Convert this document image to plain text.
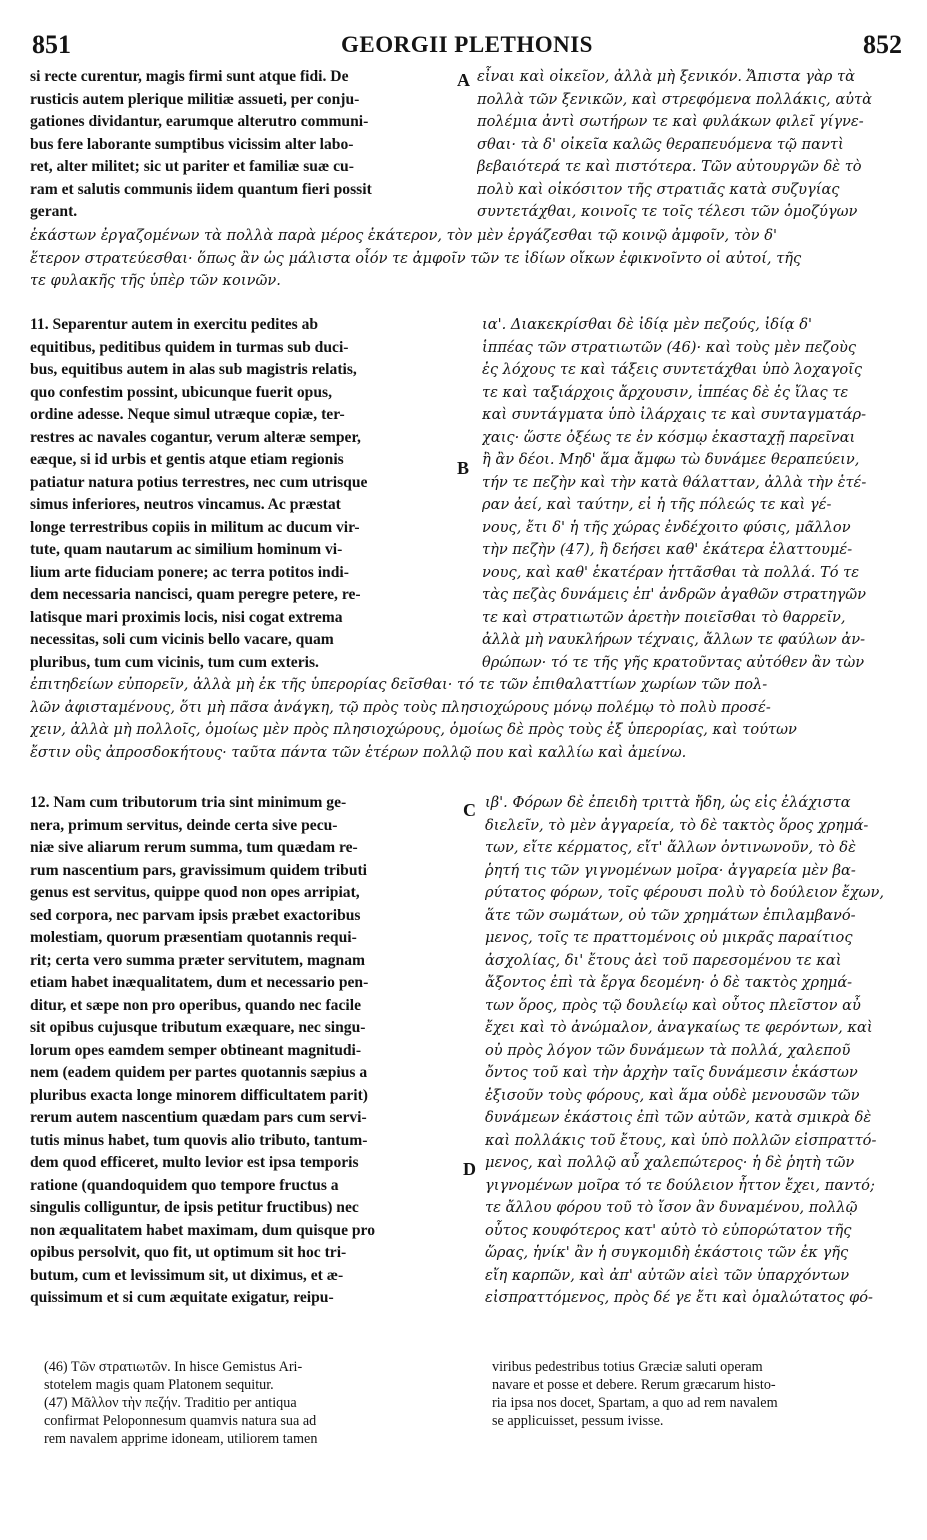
851	GEORGII PLETHONIS	852
A
B
C
D
si recte curentur, magis firmi sunt atque fidi. De
rusticis autem plerique militiæ assueti, per conju-
gationes dividantur, earumque alterutro communi-
bus fere laborante sumptibus vicissim alter labo-
ret, alter militet; sic ut pariter et familiæ suæ cu-
ram et salutis communis iidem quantum fieri possit
gerant.
εἶναι καὶ οἰκεῖον, ἀλλὰ μὴ ξενικόν. Ἄπιστα γὰρ τὰ
πολλὰ τῶν ξενικῶν, καὶ στρεφόμενα πολλάκις, αὐτὰ
πολέμια ἀντὶ σωτήρων τε καὶ φυλάκων φιλεῖ γίγνε-
σθαι· τὰ δ' οἰκεῖα καλῶς θεραπευόμενα τῷ παντὶ
βεβαιότερά τε καὶ πιστότερα. Τῶν αὐτουργῶν δὲ τὸ
πολὺ καὶ οἰκόσιτον τῆς στρατιᾶς κατὰ συζυγίας
συντετάχθαι, κοινοῖς τε τοῖς τέλεσι τῶν ὁμοζύγων
ἑκάστων ἐργαζομένων τὰ πολλὰ παρὰ μέρος ἑκάτερον, τὸν μὲν ἐργάζεσθαι τῷ κοινῷ ἀμφοῖν, τὸν δ'
ἕτερον στρατεύεσθαι· ὅπως ἂν ὡς μάλιστα οἷόν τε ἀμφοῖν τῶν τε ἰδίων οἴκων ἐφικνοῖντο οἱ αὐτοί, τῆς
τε φυλακῆς τῆς ὑπὲρ τῶν κοινῶν.
11. Separentur autem in exercitu pedites ab
equitibus, peditibus quidem in turmas sub duci-
bus, equitibus autem in alas sub magistris relatis,
quo confestim possint, ubicunque fuerit opus,
ordine adesse. Neque simul utræque copiæ, ter-
restres ac navales cogantur, verum alteræ semper,
eæque, si id urbis et gentis atque etiam regionis
patiatur natura potius terrestres, nec cum utrisque
simus inferiores, neutros vincamus. Ac præstat
longe terrestribus copiis in militum ac ducum vir-
tute, quam nautarum ac similium hominum vi-
lium arte fiduciam ponere; ac terra potitos indi-
dem necessaria nancisci, quam peregre petere, re-
latisque mari proximis locis, nisi cogat extrema
necessitas, soli cum vicinis bello vacare, quam
pluribus, tum cum vicinis, tum cum exteris.
ια'. Διακεκρίσθαι δὲ ἰδίᾳ μὲν πεζούς, ἰδίᾳ δ'
ἱππέας τῶν στρατιωτῶν (46)· καὶ τοὺς μὲν πεζοὺς
ἐς λόχους τε καὶ τάξεις συντετάχθαι ὑπὸ λοχαγοῖς
τε καὶ ταξιάρχοις ἄρχουσιν, ἱππέας δὲ ἐς ἴλας τε
καὶ συντάγματα ὑπὸ ἰλάρχαις τε καὶ συνταγματάρ-
χαις· ὥστε ὀξέως τε ἐν κόσμῳ ἑκασταχῇ παρεῖναι
ἢ ἂν δέοι. Μηδ' ἅμα ἄμφω τὼ δυνάμεε θεραπεύειν,
τήν τε πεζὴν καὶ τὴν κατὰ θάλατταν, ἀλλὰ τὴν ἑτέ-
ραν ἀεί, καὶ ταύτην, εἰ ἡ τῆς πόλεώς τε καὶ γέ-
νους, ἔτι δ' ἡ τῆς χώρας ἐνδέχοιτο φύσις, μᾶλλον
τὴν πεζὴν (47), ἢ δεήσει καθ' ἑκάτερα ἐλαττουμέ-
νους, καὶ καθ' ἑκατέραν ἡττᾶσθαι τὰ πολλά. Τό τε
τὰς πεζὰς δυνάμεις ἐπ' ἀνδρῶν ἀγαθῶν στρατηγῶν
τε καὶ στρατιωτῶν ἀρετὴν ποιεῖσθαι τὸ θαρρεῖν,
ἀλλὰ μὴ ναυκλήρων τέχναις, ἄλλων τε φαύλων ἀν-
θρώπων· τό τε τῆς γῆς κρατοῦντας αὐτόθεν ἂν τὼν
ἐπιτηδείων εὐπορεῖν, ἀλλὰ μὴ ἐκ τῆς ὑπερορίας δεῖσθαι· τό τε τῶν ἐπιθαλαττίων χωρίων τῶν πολ-
λῶν ἀφισταμένους, ὅτι μὴ πᾶσα ἀνάγκη, τῷ πρὸς τοὺς πλησιοχώρους μόνῳ πολέμῳ τὸ πολὺ προσέ-
χειν, ἀλλὰ μὴ πολλοῖς, ὁμοίως μὲν πρὸς πλησιοχώρους, ὁμοίως δὲ πρὸς τοὺς ἐξ ὑπερορίας, καὶ τούτων
ἔστιν οὓς ἀπροσδοκήτους· ταῦτα πάντα τῶν ἑτέρων πολλῷ που καὶ καλλίω καὶ ἀμείνω.
12. Nam cum tributorum tria sint minimum ge-
nera, primum servitus, deinde certa sive pecu-
niæ sive aliarum rerum summa, tum quædam re-
rum nascentium pars, gravissimum quidem tributi
genus est servitus, quippe quod non opes arripiat,
sed corpora, nec parvam ipsis præbet exactoribus
molestiam, quorum præsentiam quotannis requi-
rit; certa vero summa præter servitutem, magnam
etiam habet inæqualitatem, dum et necessario pen-
ditur, et sæpe non pro operibus, quando nec facile
sit opibus cujusque tributum exæquare, nec singu-
lorum opes eamdem semper obtineant magnitudi-
nem (eadem quidem per partes quotannis sæpius a
pluribus exacta longe minorem difficultatem parit)
rerum autem nascentium quædam pars cum servi-
tutis minus habet, tum quovis alio tributo, tantum-
dem quod efficeret, multo levior est ipsa temporis
ratione (quandoquidem quo tempore fructus a
singulis colliguntur, de ipsis petitur fructibus) nec
non æqualitatem habet maximam, dum quisque pro
opibus persolvit, quo fit, ut optimum sit hoc tri-
butum, cum et levissimum sit, ut diximus, et æ-
quissimum et si cum æquitate exigatur, reipu-
ιβ'. Φόρων δὲ ἐπειδὴ τριττὰ ἤδη, ὡς εἰς ἐλάχιστα
διελεῖν, τὸ μὲν ἀγγαρεία, τὸ δὲ τακτὸς ὅρος χρημά-
των, εἴτε κέρματος, εἴτ' ἄλλων ὁντινωνοῦν, τὸ δὲ
ῥητή τις τῶν γιγνομένων μοῖρα· ἀγγαρεία μὲν βα-
ρύτατος φόρων, τοῖς φέρουσι πολὺ τὸ δούλειον ἔχων,
ἅτε τῶν σωμάτων, οὐ τῶν χρημάτων ἐπιλαμβανό-
μενος, τοῖς τε πραττομένοις οὐ μικρᾶς παραίτιος
ἀσχολίας, δι' ἔτους ἀεὶ τοῦ παρεσομένου τε καὶ
ἄξοντος ἐπὶ τὰ ἔργα δεομένη· ὁ δὲ τακτὸς χρημά-
των ὅρος, πρὸς τῷ δουλείῳ καὶ οὗτος πλεῖστον αὖ
ἔχει καὶ τὸ ἀνώμαλον, ἀναγκαίως τε φερόντων, καὶ
οὐ πρὸς λόγον τῶν δυνάμεων τὰ πολλά, χαλεποῦ
ὄντος τοῦ καὶ τὴν ἀρχὴν ταῖς δυνάμεσιν ἑκάστων
ἐξισοῦν τοὺς φόρους, καὶ ἅμα οὐδὲ μενουσῶν τῶν
δυνάμεων ἑκάστοις ἐπὶ τῶν αὐτῶν, κατὰ σμικρὰ δὲ
καὶ πολλάκις τοῦ ἔτους, καὶ ὑπὸ πολλῶν εἰσπραττό-
μενος, καὶ πολλῷ αὖ χαλεπώτερος· ἡ δὲ ῥητὴ τῶν
γιγνομένων μοῖρα τό τε δούλειον ἧττον ἔχει, παντό;
τε ἄλλου φόρου τοῦ τὸ ἴσον ἂν δυναμένου, πολλῷ
οὗτος κουφότερος κατ' αὐτὸ τὸ εὐπορώτατον τῆς
ὥρας, ἡνίκ' ἂν ἡ συγκομιδὴ ἑκάστοις τῶν ἐκ γῆς
εἴη καρπῶν, καὶ ἀπ' αὐτῶν αἰεὶ τῶν ὑπαρχόντων
εἰσπραττόμενος, πρὸς δέ γε ἔτι καὶ ὁμαλώτατος φό-
(46) Τῶν στρατιωτῶν. In hisce Gemistus Ari-
stotelem magis quam Platonem sequitur.
(47) Μᾶλλον τὴν πεζήν. Traditio per antiqua
confirmat Peloponnesum quamvis natura sua ad
rem navalem apprime idoneam, utiliorem tamen
viribus pedestribus totius Græciæ saluti operam
navare et posse et debere. Rerum græcarum histo-
ria ipsa nos docet, Spartam, a quo ad rem navalem
se applicuisset, pessum ivisse.
